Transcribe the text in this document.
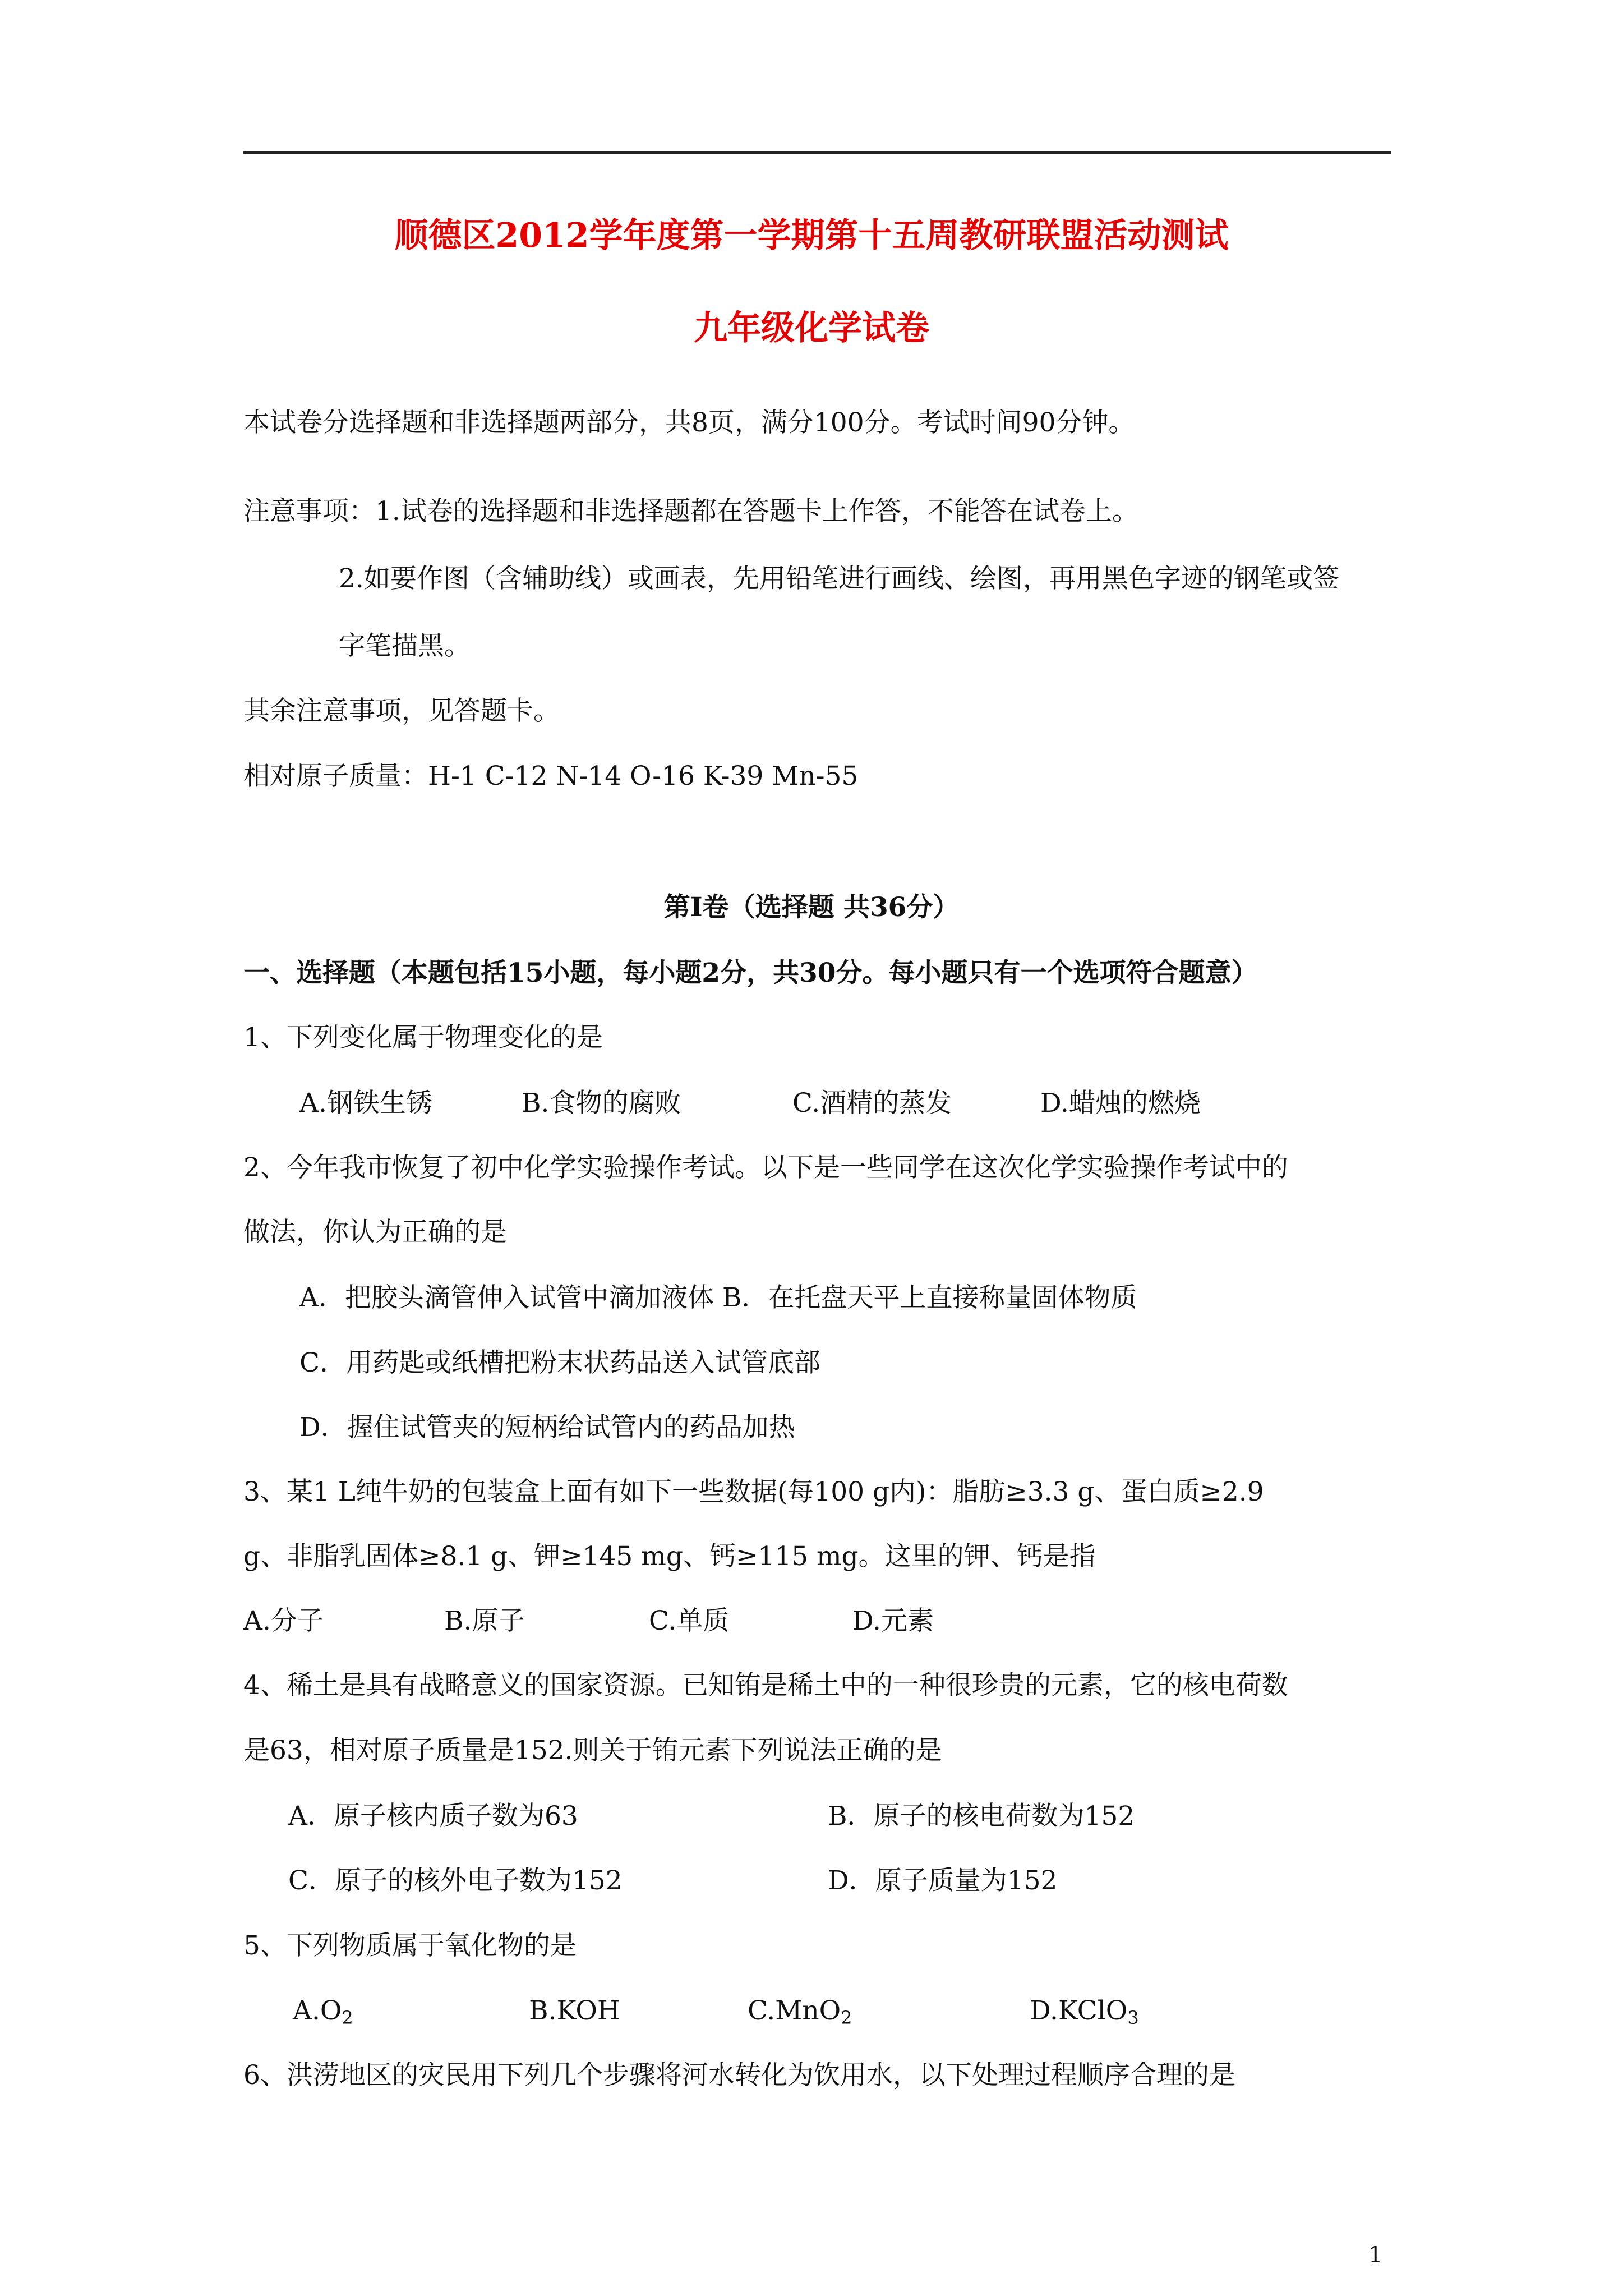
顺德区2012学年度第一学期第十五周教研联盟活动测试
九年级化学试卷
本试卷分选择题和非选择题两部分，共8页，满分100分。考试时间90分钟。
注意事项：1.试卷的选择题和非选择题都在答题卡上作答，不能答在试卷上。
2.如要作图（含辅助线）或画表，先用铅笔进行画线、绘图，再用黑色字迹的钢笔或签
字笔描黑。
其余注意事项，见答题卡。
相对原子质量：H-1 C-12 N-14 O-16 K-39 Mn-55
第Ⅰ卷（选择题 共36分）
一、选择题（本题包括15小题，每小题2分，共30分。每小题只有一个选项符合题意）
1、下列变化属于物理变化的是
A.钢铁生锈	B.食物的腐败	C.酒精的蒸发	D.蜡烛的燃烧
2、今年我市恢复了初中化学实验操作考试。以下是一些同学在这次化学实验操作考试中的
做法，你认为正确的是
A．把胶头滴管伸入试管中滴加液体 B．在托盘天平上直接称量固体物质
C．用药匙或纸槽把粉末状药品送入试管底部
D．握住试管夹的短柄给试管内的药品加热
3、某1 L纯牛奶的包装盒上面有如下一些数据(每100 g内)：脂肪≥3.3 g、蛋白质≥2.9
g、非脂乳固体≥8.1 g、钾≥145 mg、钙≥115 mg。这里的钾、钙是指
A.分子	B.原子	C.单质	D.元素
4、稀土是具有战略意义的国家资源。已知铕是稀土中的一种很珍贵的元素，它的核电荷数
是63，相对原子质量是152.则关于铕元素下列说法正确的是
A．原子核内质子数为63	B．原子的核电荷数为152
C．原子的核外电子数为152	D．原子质量为152
5、下列物质属于氧化物的是
$A.O_2$	B.KOH	C.MnO$_2$	D.KClO$_3$
6、洪涝地区的灾民用下列几个步骤将河水转化为饮用水，以下处理过程顺序合理的是
1
